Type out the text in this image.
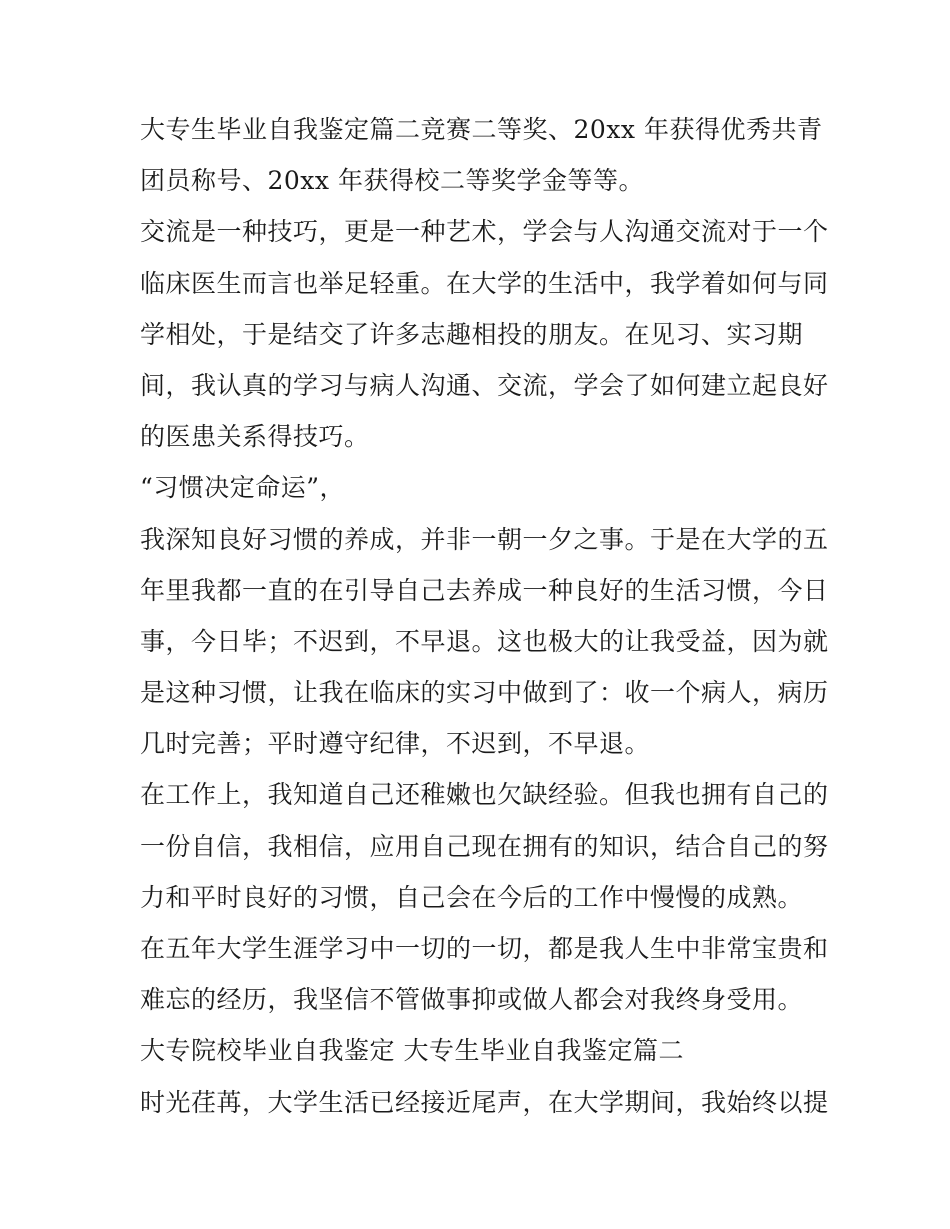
大专生毕业自我鉴定篇二竞赛二等奖、20xx 年获得优秀共青
团员称号、20xx 年获得校二等奖学金等等。
交流是一种技巧，更是一种艺术，学会与人沟通交流对于一个
临床医生而言也举足轻重。在大学的生活中，我学着如何与同
学相处，于是结交了许多志趣相投的朋友。在见习、实习期
间，我认真的学习与病人沟通、交流，学会了如何建立起良好
的医患关系得技巧。
“习惯决定命运”，
我深知良好习惯的养成，并非一朝一夕之事。于是在大学的五
年里我都一直的在引导自己去养成一种良好的生活习惯，今日
事，今日毕；不迟到，不早退。这也极大的让我受益，因为就
是这种习惯，让我在临床的实习中做到了：收一个病人，病历
几时完善；平时遵守纪律，不迟到，不早退。
在工作上，我知道自己还稚嫩也欠缺经验。但我也拥有自己的
一份自信，我相信，应用自己现在拥有的知识，结合自己的努
力和平时良好的习惯，自己会在今后的工作中慢慢的成熟。
在五年大学生涯学习中一切的一切，都是我人生中非常宝贵和
难忘的经历，我坚信不管做事抑或做人都会对我终身受用。
大专院校毕业自我鉴定 大专生毕业自我鉴定篇二
时光荏苒，大学生活已经接近尾声，在大学期间，我始终以提
